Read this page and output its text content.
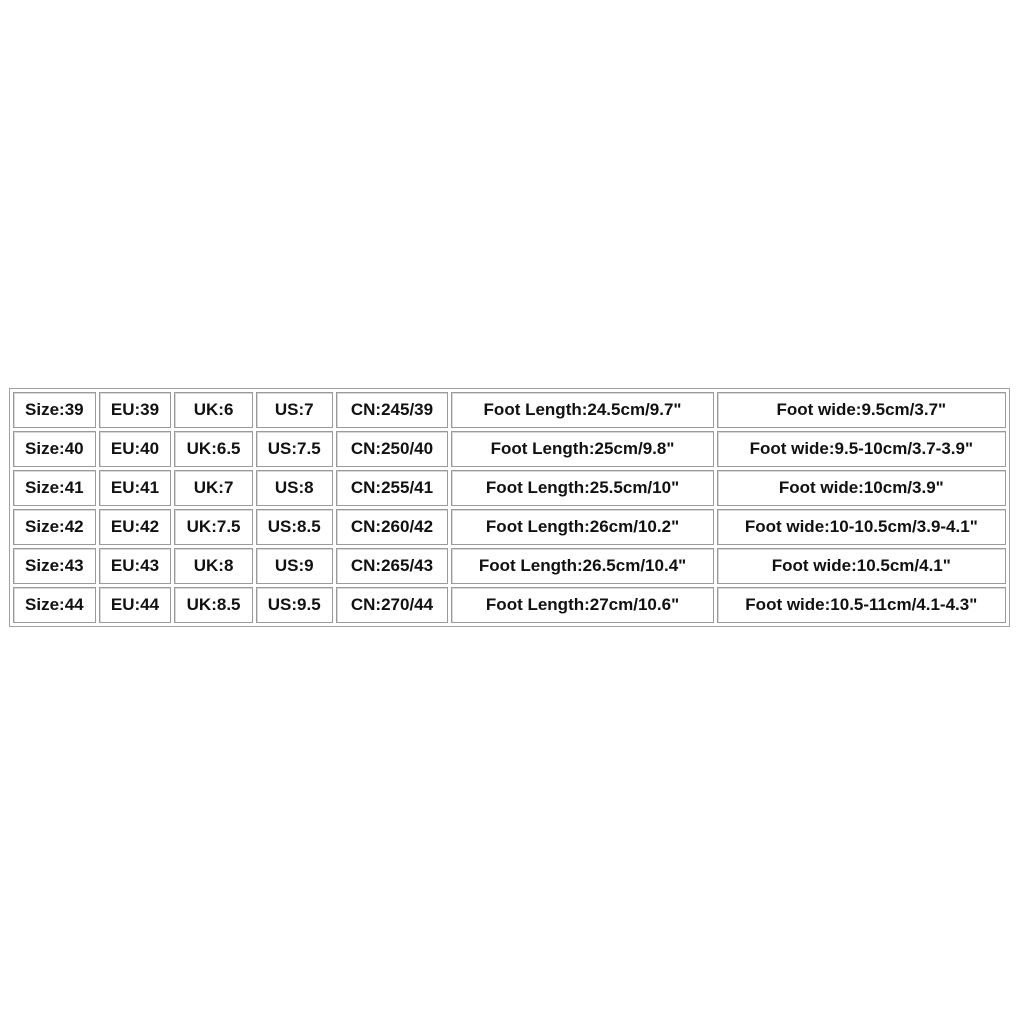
Size:39	EU:39	UK:6	US:7	CN:245/39	Foot Length:24.5cm/9.7"	Foot wide:9.5cm/3.7"
Size:40	EU:40	UK:6.5	US:7.5	CN:250/40	Foot Length:25cm/9.8"	Foot wide:9.5-10cm/3.7-3.9"
Size:41	EU:41	UK:7	US:8	CN:255/41	Foot Length:25.5cm/10"	Foot wide:10cm/3.9"
Size:42	EU:42	UK:7.5	US:8.5	CN:260/42	Foot Length:26cm/10.2"	Foot wide:10-10.5cm/3.9-4.1"
Size:43	EU:43	UK:8	US:9	CN:265/43	Foot Length:26.5cm/10.4"	Foot wide:10.5cm/4.1"
Size:44	EU:44	UK:8.5	US:9.5	CN:270/44	Foot Length:27cm/10.6"	Foot wide:10.5-11cm/4.1-4.3"
